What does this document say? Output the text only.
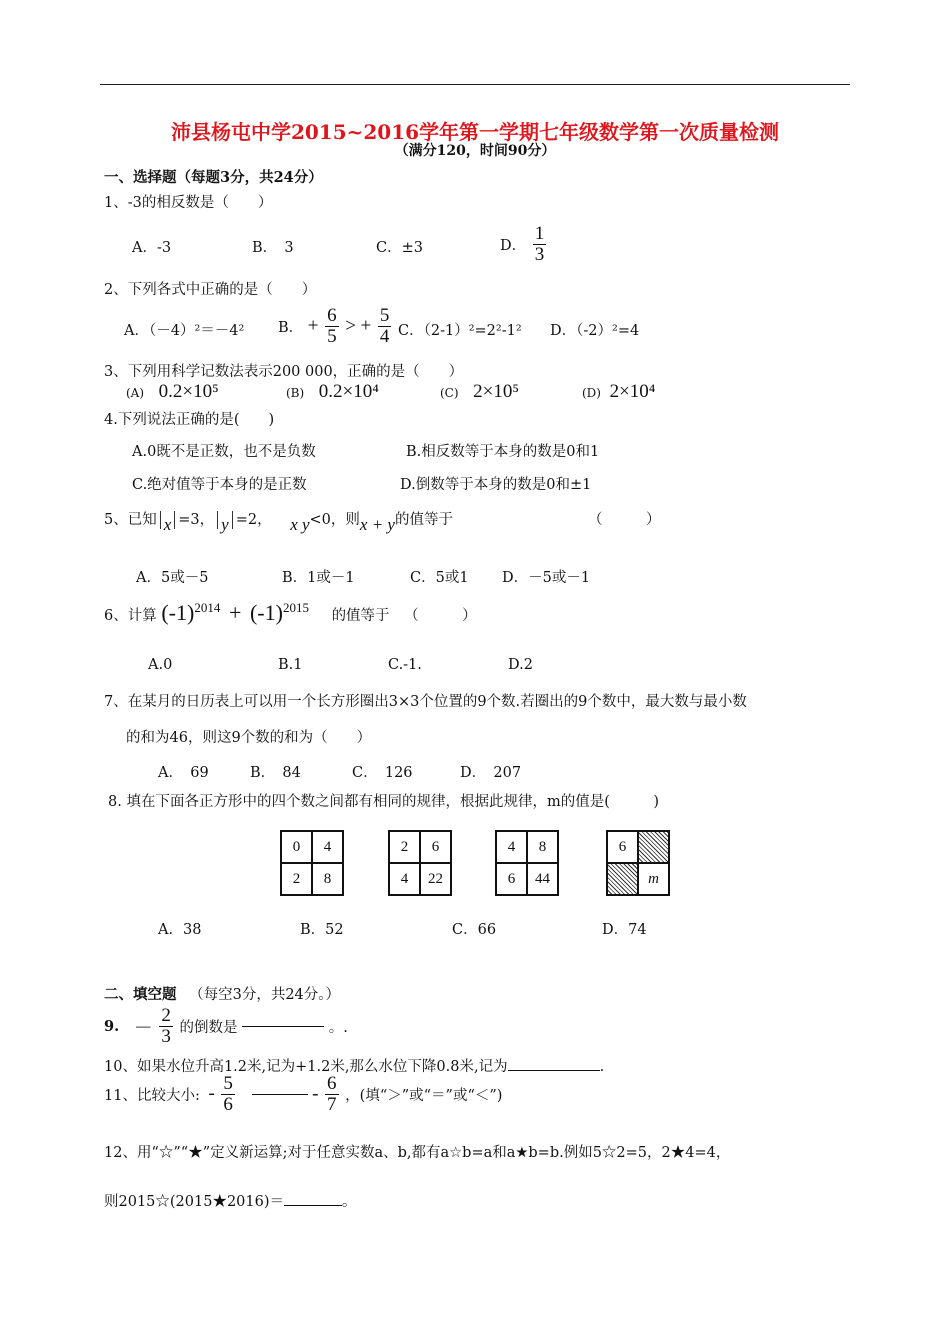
沛县杨屯中学2015~2016学年第一学期七年级数学第一次质量检测
（满分120，时间90分）
一、选择题（每题3分，共24分）
1、-3的相反数是（　　）
A．-3	B．　3	C．±3	D． $\frac{1}{3}$
2、下列各式中正确的是（　　）
A．（－4）²＝－4² B． + $\frac{6}{5}$ > + $\frac{5}{4}$ C．（2-1）²=2²-1² D．（-2）²=4
3、下列用科学记数法表示200 000，正确的是（　　）
(A) 0.2×10⁵	(B) 0.2×10⁴	(C) 2×10⁵	(D) 2×10⁴
4.下列说法正确的是(　　)
A.0既不是正数，也不是负数	B.相反数等于本身的数是0和1
C.绝对值等于本身的是正数	D.倒数等于本身的数是0和±1
5、已知 x =3， y =2， x y<0，则x + y的值等于	（　　　）
A．5或－5	B．1或－1	C．5或1 D．－5或－1
6、计算 $(-1)^{2014} + (-1)^{2015}$ 的值等于 （　　　）
A.0	B.1	C.-1.	D.2
7、在某月的日历表上可以用一个长方形圈出3×3个位置的9个数.若圈出的9个数中，最大数与最小数
的和为46，则这9个数的和为（　　）
A．　69	B．　84	C．　126	D．　207
8. 填在下面各正方形中的四个数之间都有相同的规律，根据此规律，m的值是(　　　)
0	4
2	8
2	6
4	22
4	8
6	44
6
m
A．38	B．52	C．66	D．74
二、填空题 （每空3分，共24分。）
9. － $\frac{2}{3}$ 的倒数是	。.
10、如果水位升高1.2米,记为+1.2米,那么水位下降0.8米,记为	.
11、比较大小: - $\frac{5}{6}$	- $\frac{6}{7}$ ，(填“＞”或“＝”或“＜”)
12、用“☆”“★”定义新运算;对于任意实数a、b,都有a☆b=a和a★b=b.例如5☆2=5，2★4=4，
则2015☆(2015★2016)＝	。
